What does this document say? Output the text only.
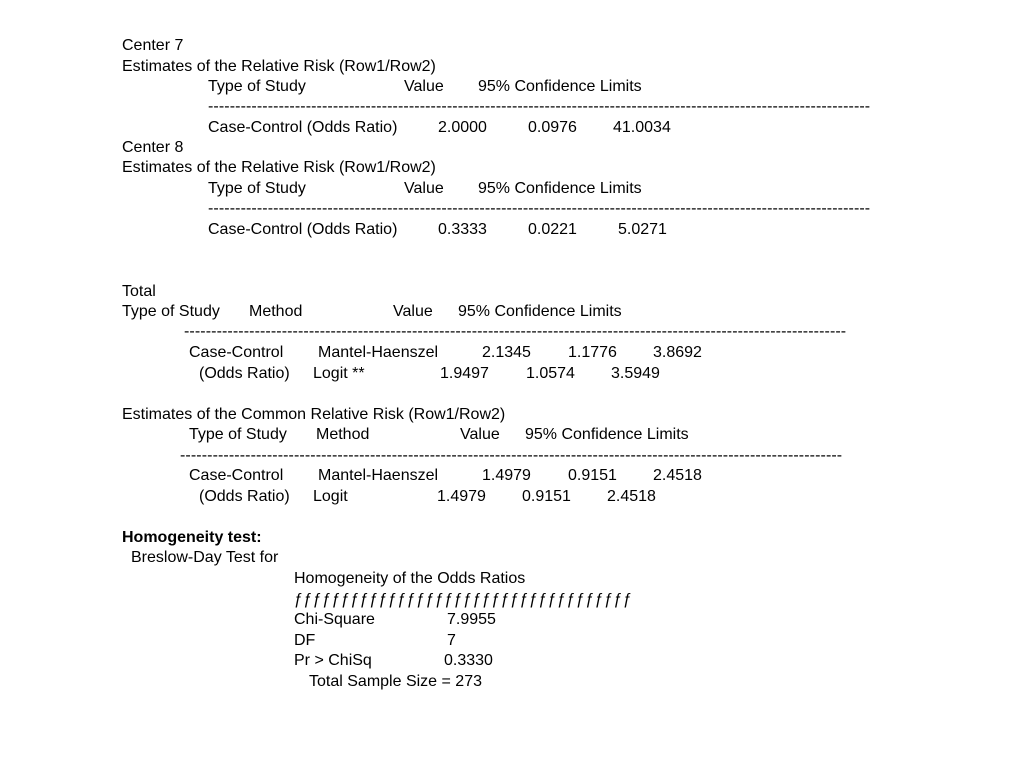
Center 7
Estimates of the Relative Risk (Row1/Row2)
Type of Study	Value 95% Confidence Limits
--------------------------------------------------------------------------------------------------------------------------
Case-Control (Odds Ratio)	2.0000	0.0976 41.0034
Center 8
Estimates of the Relative Risk (Row1/Row2)
Type of Study	Value 95% Confidence Limits
--------------------------------------------------------------------------------------------------------------------------
Case-Control (Odds Ratio)	0.3333	0.0221	5.0271
Total
Type of Study Method	Value 95% Confidence Limits
--------------------------------------------------------------------------------------------------------------------------
Case-Control Mantel-Haenszel	2.1345 1.1776 3.8692
(Odds Ratio) Logit **	1.9497 1.0574 3.5949
Estimates of the Common Relative Risk (Row1/Row2)
Type of Study Method	Value 95% Confidence Limits
--------------------------------------------------------------------------------------------------------------------------
Case-Control Mantel-Haenszel	1.4979 0.9151 2.4518
(Odds Ratio) Logit	1.4979 0.9151 2.4518
Homogeneity test:
Breslow-Day Test for
Homogeneity of the Odds Ratios
ƒƒƒƒƒƒƒƒƒƒƒƒƒƒƒƒƒƒƒƒƒƒƒƒƒƒƒƒƒƒƒƒƒƒƒƒ
Chi-Square	7.9955
DF	7
Pr > ChiSq	0.3330
Total Sample Size = 273
